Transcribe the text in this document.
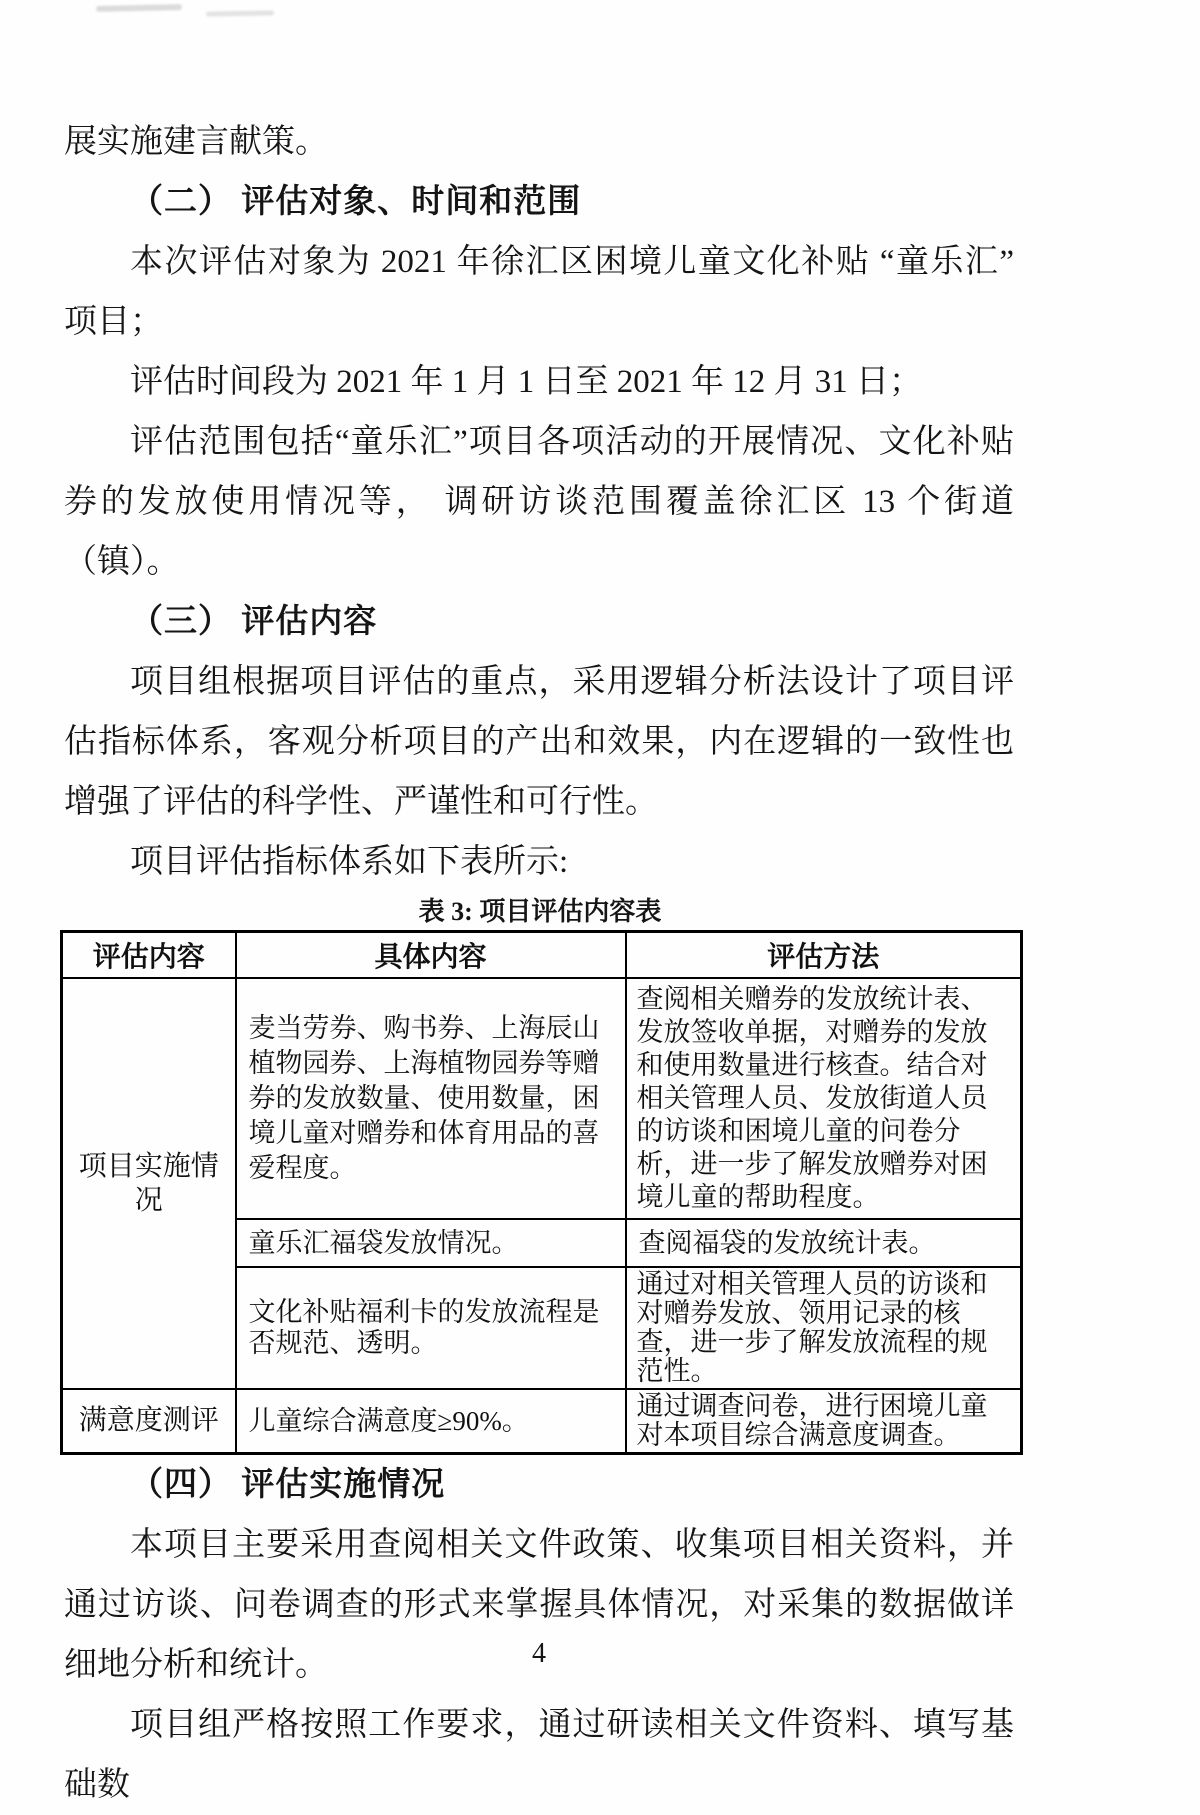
展实施建言献策。

（二） 评估对象、时间和范围

本次评估对象为 2021 年徐汇区困境儿童文化补贴 “童乐汇” 项目；

评估时间段为 2021 年 1 月 1 日至 2021 年 12 月 31 日；

评估范围包括“童乐汇”项目各项活动的开展情况、文化补贴券的发放使用情况等， 调研访谈范围覆盖徐汇区 13 个街道（镇）。

（三） 评估内容

项目组根据项目评估的重点，采用逻辑分析法设计了项目评估指标体系，客观分析项目的产出和效果，内在逻辑的一致性也增强了评估的科学性、严谨性和可行性。

项目评估指标体系如下表所示:

表 3: 项目评估内容表
评估内容	具体内容	评估方法
项目实施情况	麦当劳券、购书券、上海辰山植物园券、上海植物园券等赠券的发放数量、使用数量，困境儿童对赠券和体育用品的喜爱程度。	查阅相关赠券的发放统计表、发放签收单据，对赠券的发放和使用数量进行核查。结合对相关管理人员、发放街道人员的访谈和困境儿童的问卷分析，进一步了解发放赠券对困境儿童的帮助程度。
	童乐汇福袋发放情况。	查阅福袋的发放统计表。
	文化补贴福利卡的发放流程是否规范、透明。	通过对相关管理人员的访谈和对赠券发放、领用记录的核查，进一步了解发放流程的规范性。
满意度测评	儿童综合满意度≥90%。	通过调查问卷，进行困境儿童对本项目综合满意度调查。

（四） 评估实施情况

本项目主要采用查阅相关文件政策、收集项目相关资料，并通过访谈、问卷调查的形式来掌握具体情况，对采集的数据做详细地分析和统计。

项目组严格按照工作要求，通过研读相关文件资料、填写基础数

4
